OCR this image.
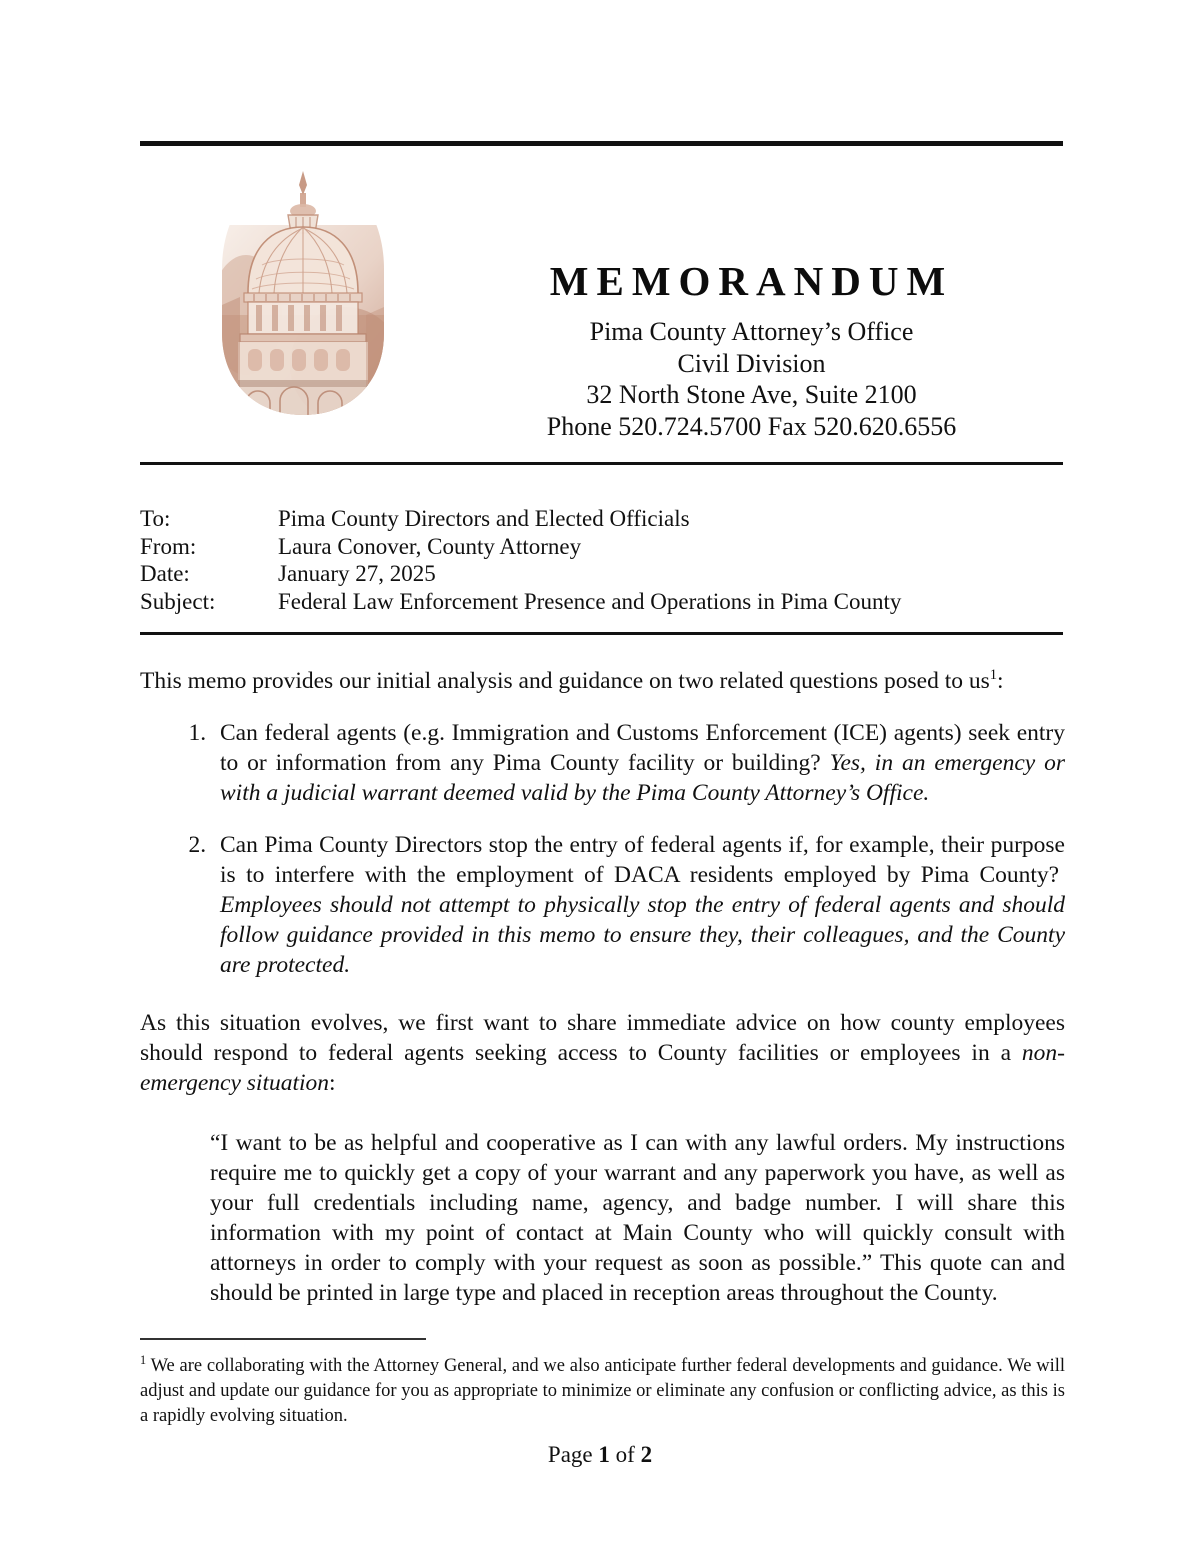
MEMORANDUM
Pima County Attorney’s Office
Civil Division
32 North Stone Ave, Suite 2100
Phone 520.724.5700 Fax 520.620.6556
To:	Pima County Directors and Elected Officials
From:	Laura Conover, County Attorney
Date:	January 27, 2025
Subject:	Federal Law Enforcement Presence and Operations in Pima County

This memo provides our initial analysis and guidance on two related questions posed to $us^1$:

1. Can federal agents (e.g. Immigration and Customs Enforcement (ICE) agents) seek entry to or information from any Pima County facility or building? Yes, in an emergency or with a judicial warrant deemed valid by the Pima County Attorney’s Office.
2. Can Pima County Directors stop the entry of federal agents if, for example, their purpose is to interfere with the employment of DACA residents employed by Pima County?  Employees should not attempt to physically stop the entry of federal agents and should follow guidance provided in this memo to ensure they, their colleagues, and the County are protected.

As this situation evolves, we first want to share immediate advice on how county employees should respond to federal agents seeking access to County facilities or employees in a non-emergency situation:

“I want to be as helpful and cooperative as I can with any lawful orders. My instructions require me to quickly get a copy of your warrant and any paperwork you have, as well as your full credentials including name, agency, and badge number. I will share this information with my point of contact at Main County who will quickly consult with attorneys in order to comply with your request as soon as possible.” This quote can and should be printed in large type and placed in reception areas throughout the County.

$^1$ We are collaborating with the Attorney General, and we also anticipate further federal developments and guidance. We will adjust and update our guidance for you as appropriate to minimize or eliminate any confusion or conflicting advice, as this is a rapidly evolving situation.

Page 1 of 2
